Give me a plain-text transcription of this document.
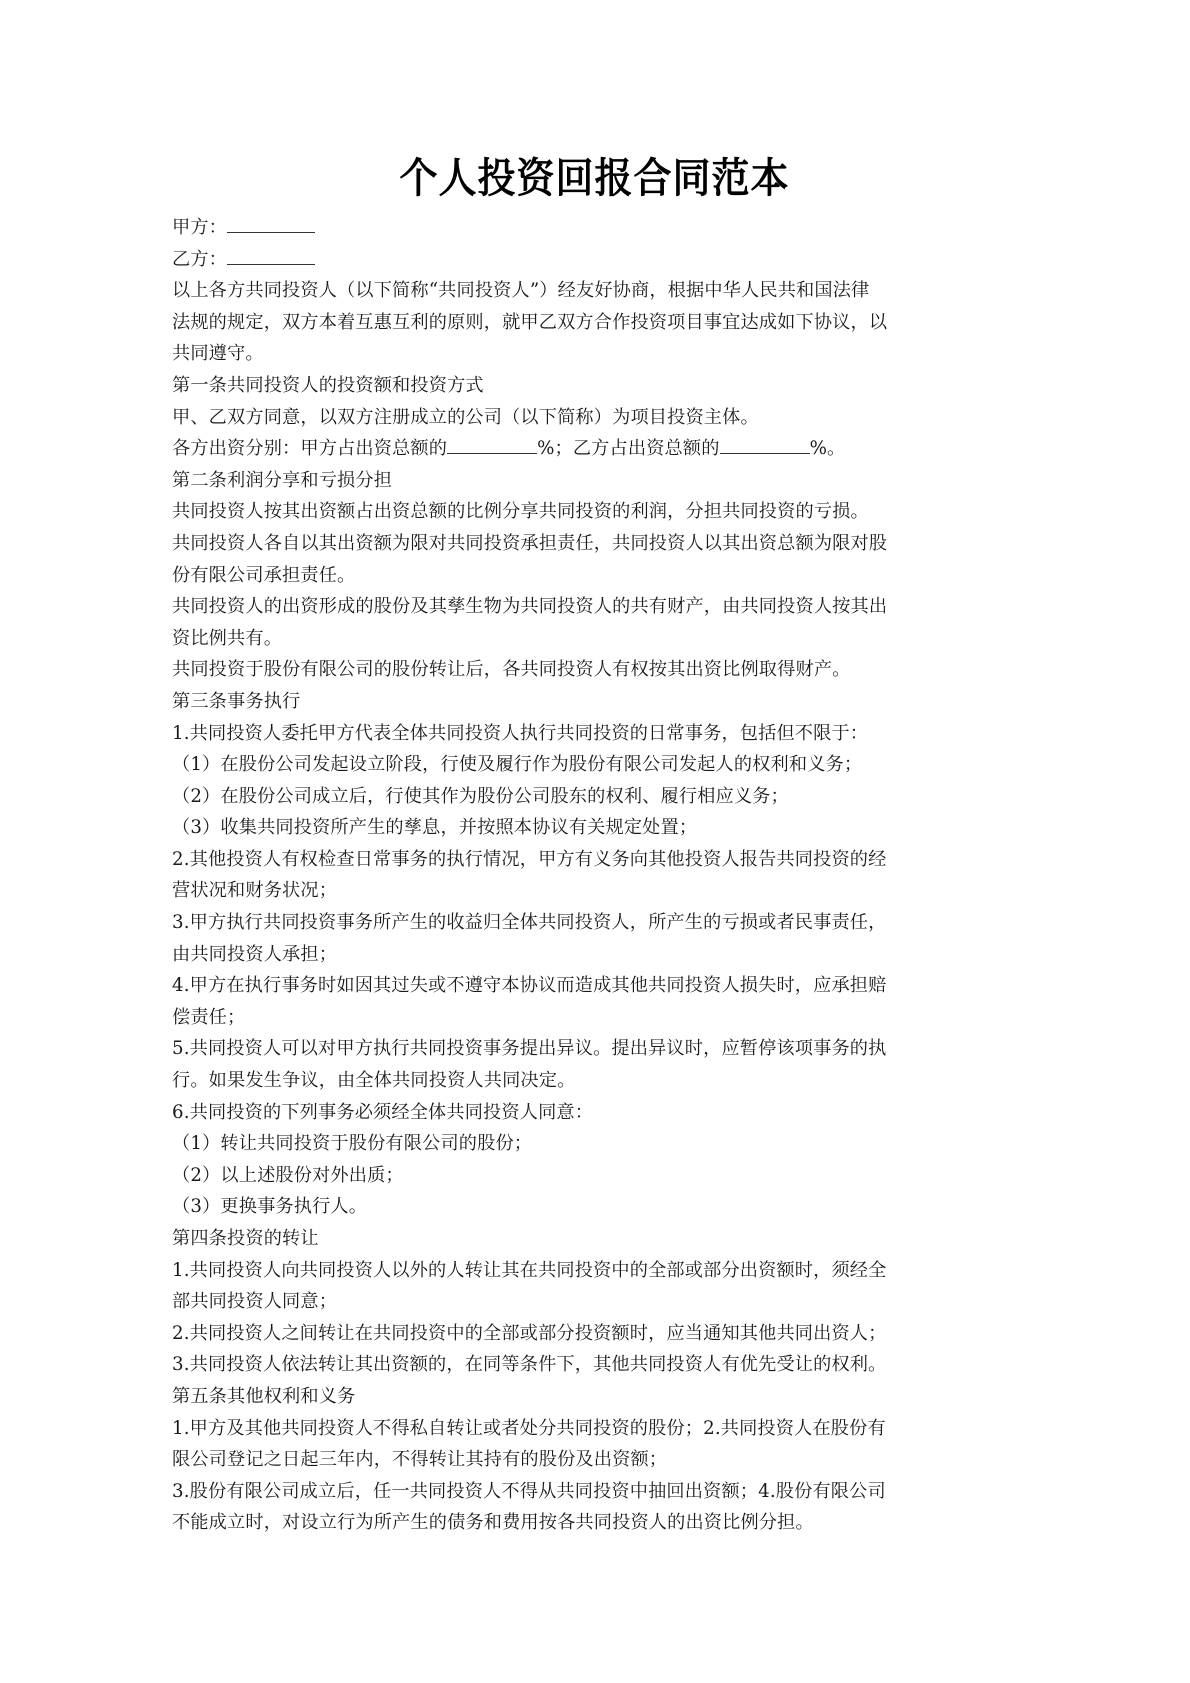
个人投资回报合同范本

甲方：

乙方：

以上各方共同投资人（以下简称“共同投资人”）经友好协商，根据中华人民共和国法律

法规的规定，双方本着互惠互利的原则，就甲乙双方合作投资项目事宜达成如下协议，以

共同遵守。

第一条共同投资人的投资额和投资方式

甲、乙双方同意，以双方注册成立的公司（以下简称）为项目投资主体。

各方出资分别：甲方占出资总额的	%；乙方占出资总额的	%。

第二条利润分享和亏损分担

共同投资人按其出资额占出资总额的比例分享共同投资的利润，分担共同投资的亏损。

共同投资人各自以其出资额为限对共同投资承担责任，共同投资人以其出资总额为限对股

份有限公司承担责任。

共同投资人的出资形成的股份及其孳生物为共同投资人的共有财产，由共同投资人按其出

资比例共有。

共同投资于股份有限公司的股份转让后，各共同投资人有权按其出资比例取得财产。

第三条事务执行

1.共同投资人委托甲方代表全体共同投资人执行共同投资的日常事务，包括但不限于：

（1）在股份公司发起设立阶段，行使及履行作为股份有限公司发起人的权利和义务；

（2）在股份公司成立后，行使其作为股份公司股东的权利、履行相应义务；

（3）收集共同投资所产生的孳息，并按照本协议有关规定处置；

2.其他投资人有权检查日常事务的执行情况，甲方有义务向其他投资人报告共同投资的经

营状况和财务状况；

3.甲方执行共同投资事务所产生的收益归全体共同投资人，所产生的亏损或者民事责任，

由共同投资人承担；

4.甲方在执行事务时如因其过失或不遵守本协议而造成其他共同投资人损失时，应承担赔

偿责任；

5.共同投资人可以对甲方执行共同投资事务提出异议。提出异议时，应暂停该项事务的执

行。如果发生争议，由全体共同投资人共同决定。

6.共同投资的下列事务必须经全体共同投资人同意：

（1）转让共同投资于股份有限公司的股份；

（2）以上述股份对外出质；

（3）更换事务执行人。

第四条投资的转让

1.共同投资人向共同投资人以外的人转让其在共同投资中的全部或部分出资额时，须经全

部共同投资人同意；

2.共同投资人之间转让在共同投资中的全部或部分投资额时，应当通知其他共同出资人；

3.共同投资人依法转让其出资额的，在同等条件下，其他共同投资人有优先受让的权利。

第五条其他权利和义务

1.甲方及其他共同投资人不得私自转让或者处分共同投资的股份；2.共同投资人在股份有

限公司登记之日起三年内，不得转让其持有的股份及出资额；

3.股份有限公司成立后，任一共同投资人不得从共同投资中抽回出资额；4.股份有限公司

不能成立时，对设立行为所产生的债务和费用按各共同投资人的出资比例分担。
